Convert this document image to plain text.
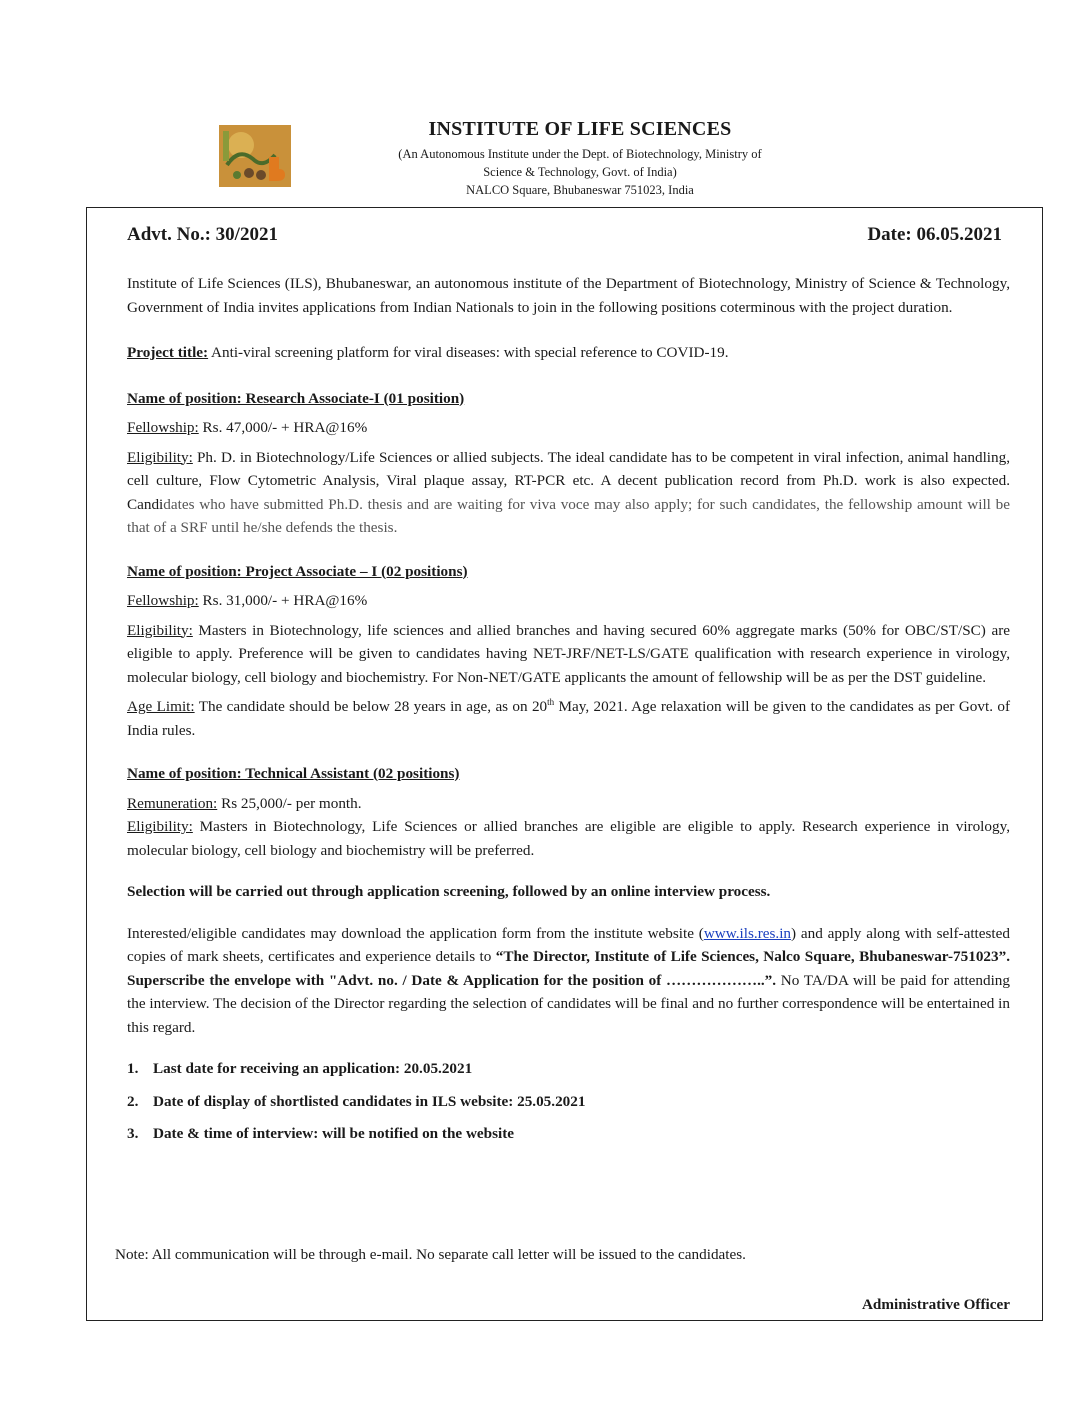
INSTITUTE OF LIFE SCIENCES
(An Autonomous Institute under the Dept. of Biotechnology, Ministry of
Science & Technology, Govt. of India)
NALCO Square, Bhubaneswar 751023, India
Advt. No.: 30/2021	Date: 06.05.2021

Institute of Life Sciences (ILS), Bhubaneswar, an autonomous institute of the Department of Biotechnology, Ministry of Science & Technology, Government of India invites applications from Indian Nationals to join in the following positions coterminous with the project duration.

Project title: Anti-viral screening platform for viral diseases: with special reference to COVID-19.

Name of position: Research Associate-I (01 position)

Fellowship: Rs. 47,000/- + HRA@16%

Eligibility: Ph. D. in Biotechnology/Life Sciences or allied subjects. The ideal candidate has to be competent in viral infection, animal handling, cell culture, Flow Cytometric Analysis, Viral plaque assay, RT-PCR etc. A decent publication record from Ph.D. work is also expected. Candidates who have submitted Ph.D. thesis and are waiting for viva voce may also apply; for such candidates, the fellowship amount will be that of a SRF until he/she defends the thesis.

Name of position: Project Associate – I (02 positions)

Fellowship: Rs. 31,000/- + HRA@16%

Eligibility: Masters in Biotechnology, life sciences and allied branches and having secured 60% aggregate marks (50% for OBC/ST/SC) are eligible to apply. Preference will be given to candidates having NET-JRF/NET-LS/GATE qualification with research experience in virology, molecular biology, cell biology and biochemistry. For Non-NET/GATE applicants the amount of fellowship will be as per the DST guideline.

Age Limit: The candidate should be below 28 years in age, as on 20th May, 2021. Age relaxation will be given to the candidates as per Govt. of India rules.

Name of position: Technical Assistant (02 positions)

Remuneration: Rs 25,000/- per month.

Eligibility: Masters in Biotechnology, Life Sciences or allied branches are eligible are eligible to apply. Research experience in virology, molecular biology, cell biology and biochemistry will be preferred.

Selection will be carried out through application screening, followed by an online interview process.

Interested/eligible candidates may download the application form from the institute website (www.ils.res.in) and apply along with self-attested copies of mark sheets, certificates and experience details to “The Director, Institute of Life Sciences, Nalco Square, Bhubaneswar-751023”. Superscribe the envelope with "Advt. no. / Date & Application for the position of ………………..”. No TA/DA will be paid for attending the interview. The decision of the Director regarding the selection of candidates will be final and no further correspondence will be entertained in this regard.

1. Last date for receiving an application: 20.05.2021
2. Date of display of shortlisted candidates in ILS website: 25.05.2021
3. Date & time of interview: will be notified on the website
Note: All communication will be through e-mail. No separate call letter will be issued to the candidates.
Administrative Officer
